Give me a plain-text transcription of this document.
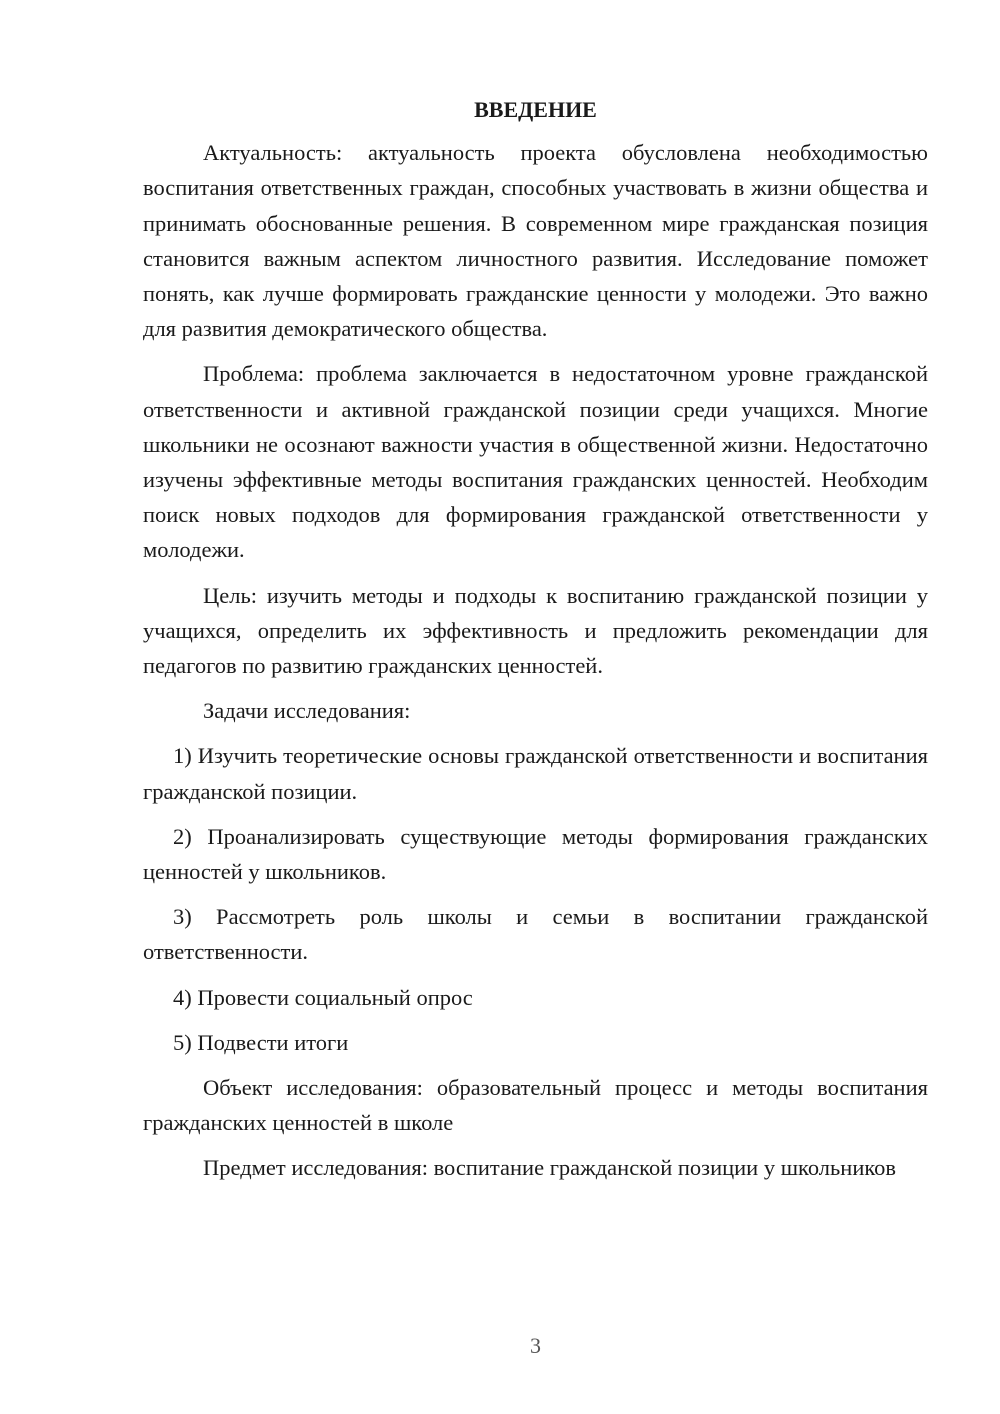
ВВЕДЕНИЕ

Актуальность: актуальность проекта обусловлена необходимостью воспитания ответственных граждан, способных участвовать в жизни общества и принимать обоснованные решения. В современном мире гражданская позиция становится важным аспектом личностного развития. Исследование поможет понять, как лучше формировать гражданские ценности у молодежи. Это важно для развития демократического общества.

Проблема: проблема заключается в недостаточном уровне гражданской ответственности и активной гражданской позиции среди учащихся. Многие школьники не осознают важности участия в общественной жизни. Недостаточно изучены эффективные методы воспитания гражданских ценностей. Необходим поиск новых подходов для формирования гражданской ответственности у молодежи.

Цель: изучить методы и подходы к воспитанию гражданской позиции у учащихся, определить их эффективность и предложить рекомендации для педагогов по развитию гражданских ценностей.

Задачи исследования:

1) Изучить теоретические основы гражданской ответственности и воспитания гражданской позиции.

2) Проанализировать существующие методы формирования гражданских ценностей у школьников.

3) Рассмотреть роль школы и семьи в воспитании гражданской ответственности.

4) Провести социальный опрос

5) Подвести итоги

Объект исследования: образовательный процесс и методы воспитания гражданских ценностей в школе

Предмет исследования: воспитание гражданской позиции у школьников

3
